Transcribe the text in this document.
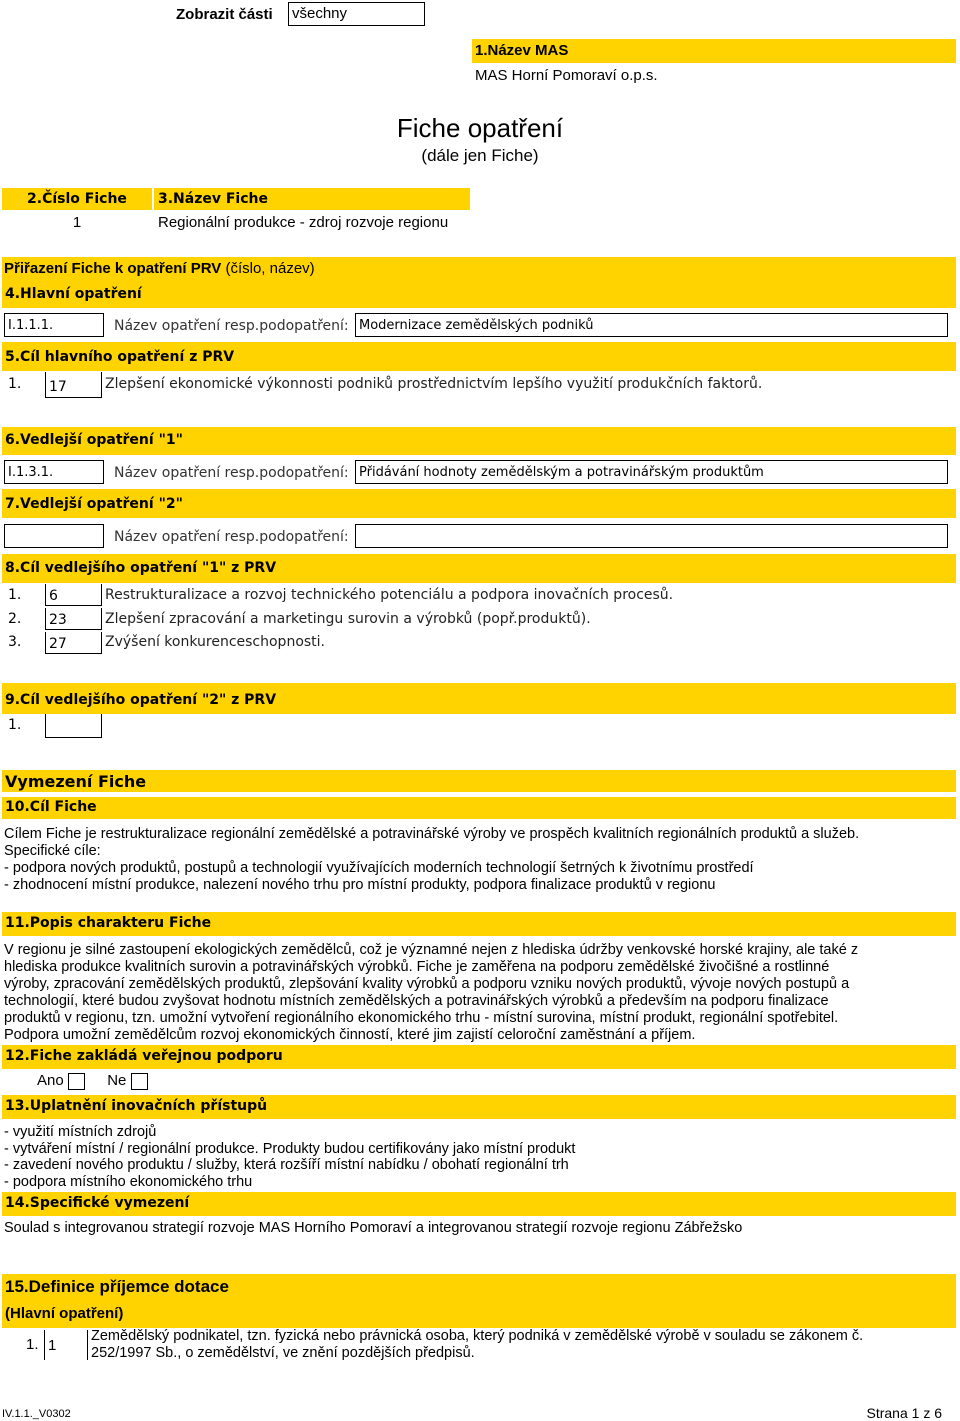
Zobrazit části všechny
1.Název MAS
MAS Horní Pomoraví o.p.s.
Fiche opatření
(dále jen Fiche)
2.Číslo Fiche	3.Název Fiche
1	Regionální produkce - zdroj rozvoje regionu
Přiřazení Fiche k opatření PRV (číslo, název)
4.Hlavní opatření
I.1.1.1.	Název opatření resp.podopatření: Modernizace zemědělských podniků
5.Cíl hlavního opatření z PRV
1. 17	Zlepšení ekonomické výkonnosti podniků prostřednictvím lepšího využití produkčních faktorů.
6.Vedlejší opatření "1"
I.1.3.1.	Název opatření resp.podopatření: Přidávání hodnoty zemědělským a potravinářským produktům
7.Vedlejší opatření "2"
Název opatření resp.podopatření:
8.Cíl vedlejšího opatření "1" z PRV
1. 6	Restrukturalizace a rozvoj technického potenciálu a podpora inovačních procesů.
2. 23	Zlepšení zpracování a marketingu surovin a výrobků (popř.produktů).
3. 27	Zvýšení konkurenceschopnosti.
9.Cíl vedlejšího opatření "2" z PRV
1.
Vymezení Fiche
10.Cíl Fiche
Cílem Fiche je restrukturalizace regionální zemědělské a potravinářské výroby ve prospěch kvalitních regionálních produktů a služeb.
Specifické cíle:
- podpora nových produktů, postupů a technologií využívajících moderních technologií šetrných k životnímu prostředí
- zhodnocení místní produkce, nalezení nového trhu pro místní produkty, podpora finalizace produktů v regionu
11.Popis charakteru Fiche
V regionu je silné zastoupení ekologických zemědělců, což je významné nejen z hlediska údržby venkovské horské krajiny, ale také z
hlediska produkce kvalitních surovin a potravinářských výrobků. Fiche je zaměřena na podporu zemědělské živočišné a rostlinné
výroby, zpracování zemědělských produktů, zlepšování kvality výrobků a podporu vzniku nových produktů, vývoje nových postupů a
technologií, které budou zvyšovat hodnotu místních zemědělských a potravinářských výrobků a především na podporu finalizace
produktů v regionu, tzn. umožní vytvoření regionálního ekonomického trhu - místní surovina, místní produkt, regionální spotřebitel.
Podpora umožní zemědělcům rozvoj ekonomických činností, které jim zajistí celoroční zaměstnání a příjem.
12.Fiche zakládá veřejnou podporu
Ano	Ne
13.Uplatnění inovačních přístupů
- využití místních zdrojů
- vytváření místní / regionální produkce. Produkty budou certifikovány jako místní produkt
- zavedení nového produktu / služby, která rozšíří místní nabídku / obohatí regionální trh
- podpora místního ekonomického trhu
14.Specifické vymezení
Soulad s integrovanou strategií rozvoje MAS Horního Pomoraví a integrovanou strategií rozvoje regionu Zábřežsko
15.Definice příjemce dotace
(Hlavní opatření)
1. 1
Zemědělský podnikatel, tzn. fyzická nebo právnická osoba, který podniká v zemědělské výrobě v souladu se zákonem č.
252/1997 Sb., o zemědělství, ve znění pozdějších předpisů.
IV.1.1._V0302	Strana 1 z 6
